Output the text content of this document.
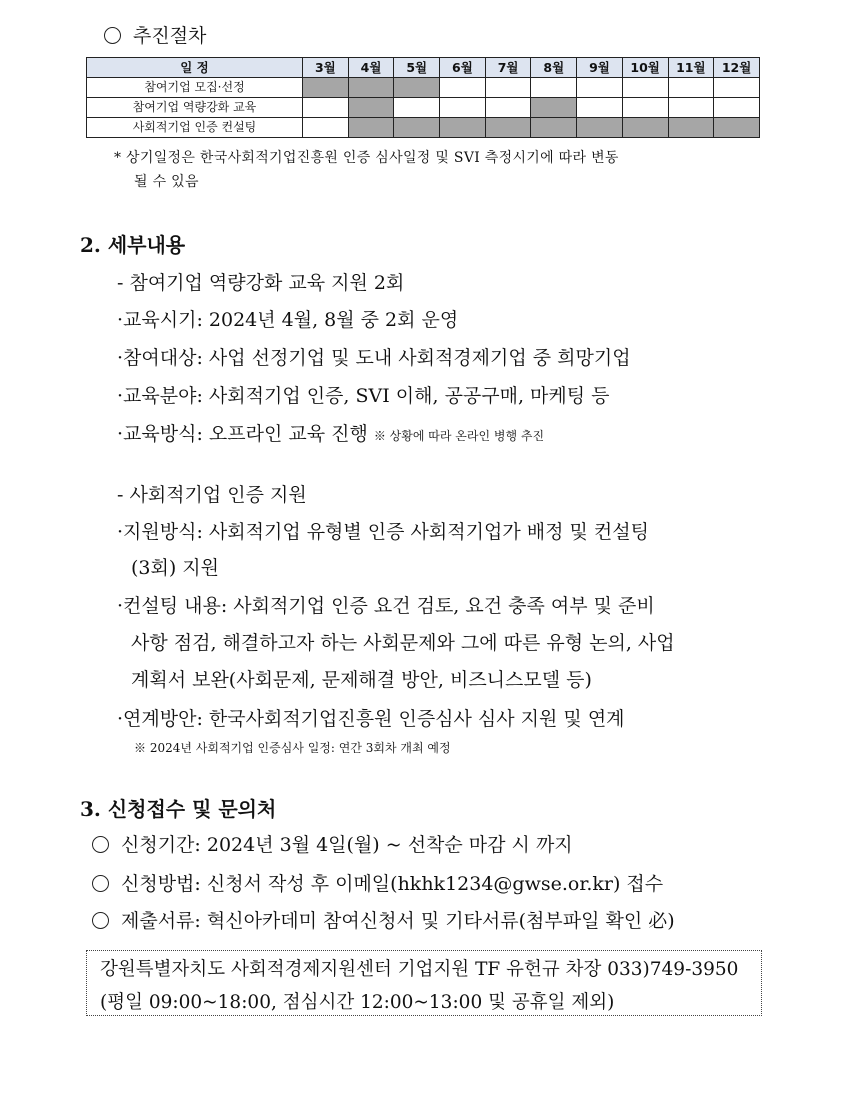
추진절차
일 정	3월	4월	5월	6월	7월	8월	9월	10월	11월	12월
참여기업 모집·선정										
참여기업 역량강화 교육										
사회적기업 인증 컨설팅										
* 상기일정은 한국사회적기업진흥원 인증 심사일정 및 SVI 측정시기에 따라 변동
될 수 있음
2. 세부내용
- 참여기업 역량강화 교육 지원 2회
·교육시기: 2024년 4월, 8월 중 2회 운영
·참여대상: 사업 선정기업 및 도내 사회적경제기업 중 희망기업
·교육분야: 사회적기업 인증, SVI 이해, 공공구매, 마케팅 등
·교육방식: 오프라인 교육 진행 ※ 상황에 따라 온라인 병행 추진
- 사회적기업 인증 지원
·지원방식: 사회적기업 유형별 인증 사회적기업가 배정 및 컨설팅
(3회) 지원
·컨설팅 내용: 사회적기업 인증 요건 검토, 요건 충족 여부 및 준비
사항 점검, 해결하고자 하는 사회문제와 그에 따른 유형 논의, 사업
계획서 보완(사회문제, 문제해결 방안, 비즈니스모델 등)
·연계방안: 한국사회적기업진흥원 인증심사 심사 지원 및 연계
※ 2024년 사회적기업 인증심사 일정: 연간 3회차 개최 예정
3. 신청접수 및 문의처
신청기간: 2024년 3월 4일(월) ~ 선착순 마감 시 까지
신청방법: 신청서 작성 후 이메일(hkhk1234@gwse.or.kr) 접수
제출서류: 혁신아카데미 참여신청서 및 기타서류(첨부파일 확인 必)
강원특별자치도 사회적경제지원센터 기업지원 TF 유헌규 차장 033)749-3950
(평일 09:00~18:00, 점심시간 12:00~13:00 및 공휴일 제외)
